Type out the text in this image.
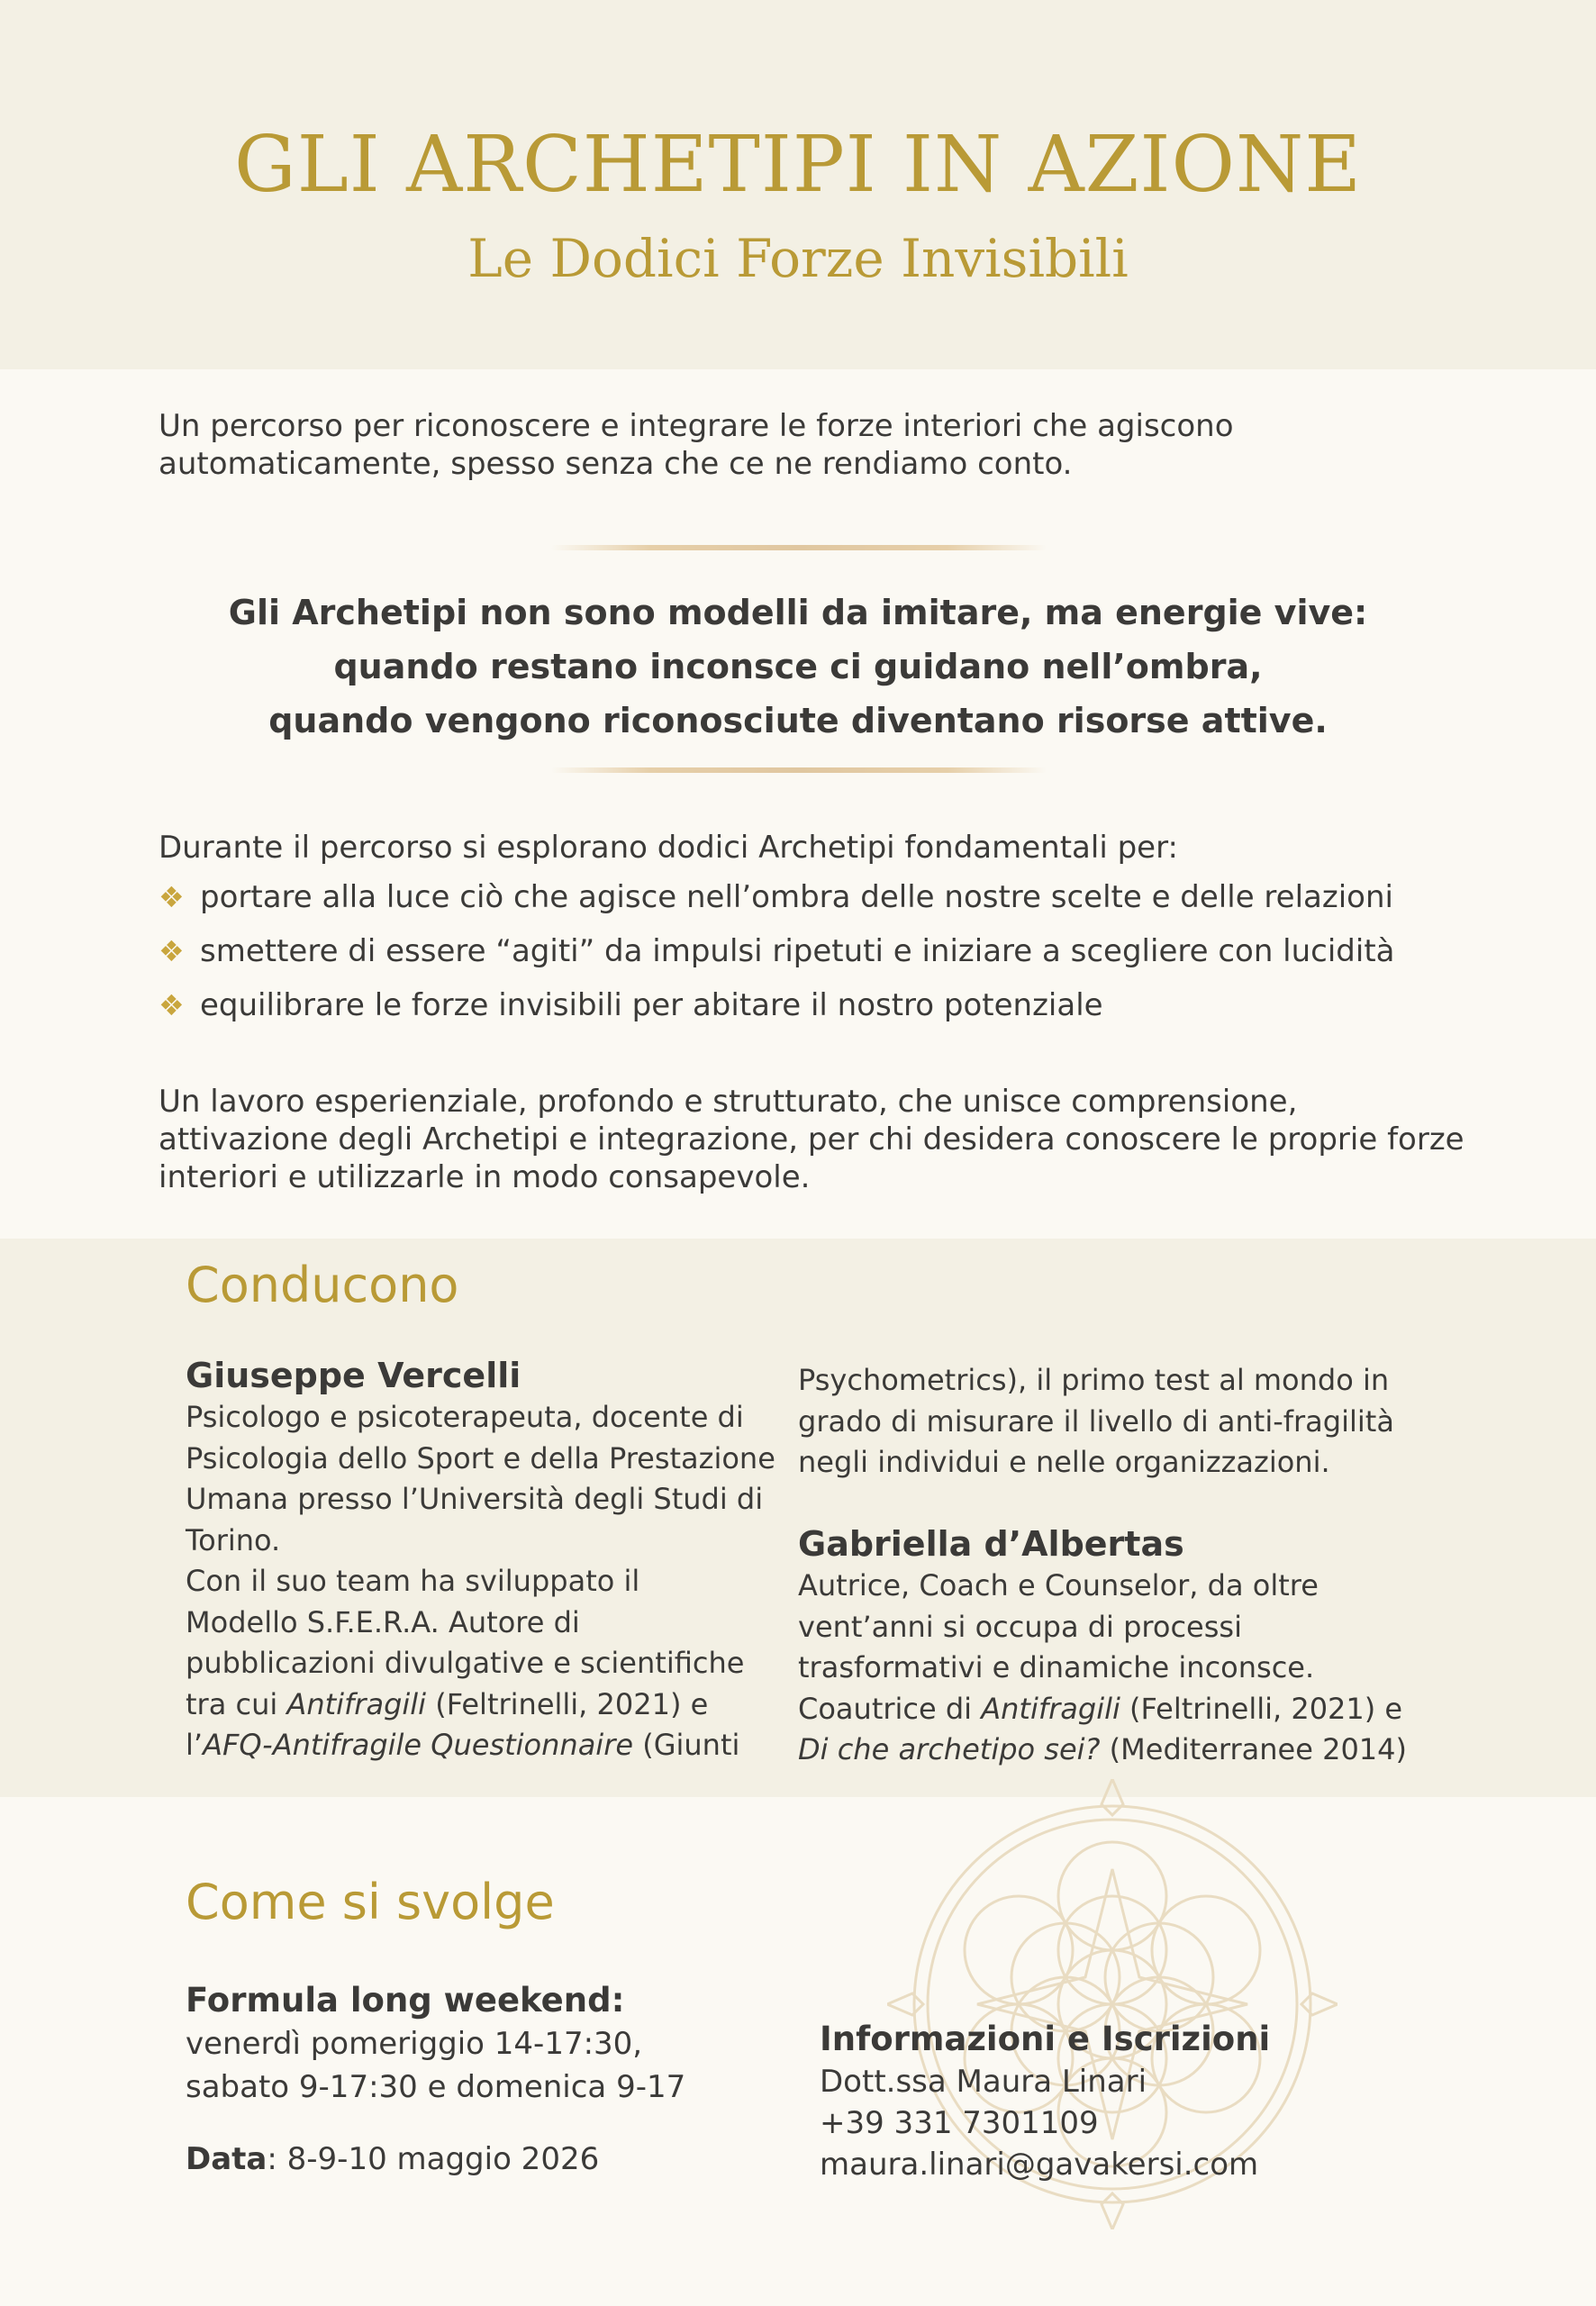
GLI ARCHETIPI IN AZIONE
Le Dodici Forze Invisibili
Un percorso per riconoscere e integrare le forze interiori che agiscono
automaticamente, spesso senza che ce ne rendiamo conto.
Gli Archetipi non sono modelli da imitare, ma energie vive:
quando restano inconsce ci guidano nell’ombra,
quando vengono riconosciute diventano risorse attive.
Durante il percorso si esplorano dodici Archetipi fondamentali per:
❖ portare alla luce ciò che agisce nell’ombra delle nostre scelte e delle relazioni
❖ smettere di essere “agiti” da impulsi ripetuti e iniziare a scegliere con lucidità
❖ equilibrare le forze invisibili per abitare il nostro potenziale
Un lavoro esperienziale, profondo e strutturato, che unisce comprensione,
attivazione degli Archetipi e integrazione, per chi desidera conoscere le proprie forze
interiori e utilizzarle in modo consapevole.
Conducono
Giuseppe Vercelli
Psicologo e psicoterapeuta, docente di
Psicologia dello Sport e della Prestazione
Umana presso l’Università degli Studi di
Torino.
Con il suo team ha sviluppato il
Modello S.F.E.R.A. Autore di
pubblicazioni divulgative e scientifiche
tra cui Antifragili (Feltrinelli, 2021) e
l’AFQ-Antifragile Questionnaire (Giunti
Psychometrics), il primo test al mondo in
grado di misurare il livello di anti-fragilità
negli individui e nelle organizzazioni.
Gabriella d’Albertas
Autrice, Coach e Counselor, da oltre
vent’anni si occupa di processi
trasformativi e dinamiche inconsce.
Coautrice di Antifragili (Feltrinelli, 2021) e
Di che archetipo sei? (Mediterranee 2014)
Come si svolge
Formula long weekend:
venerdì pomeriggio 14-17:30,
sabato 9-17:30 e domenica 9-17
Data: 8-9-10 maggio 2026
Informazioni e Iscrizioni
Dott.ssa Maura Linari
+39 331 7301109
maura.linari@gavakersi.com
